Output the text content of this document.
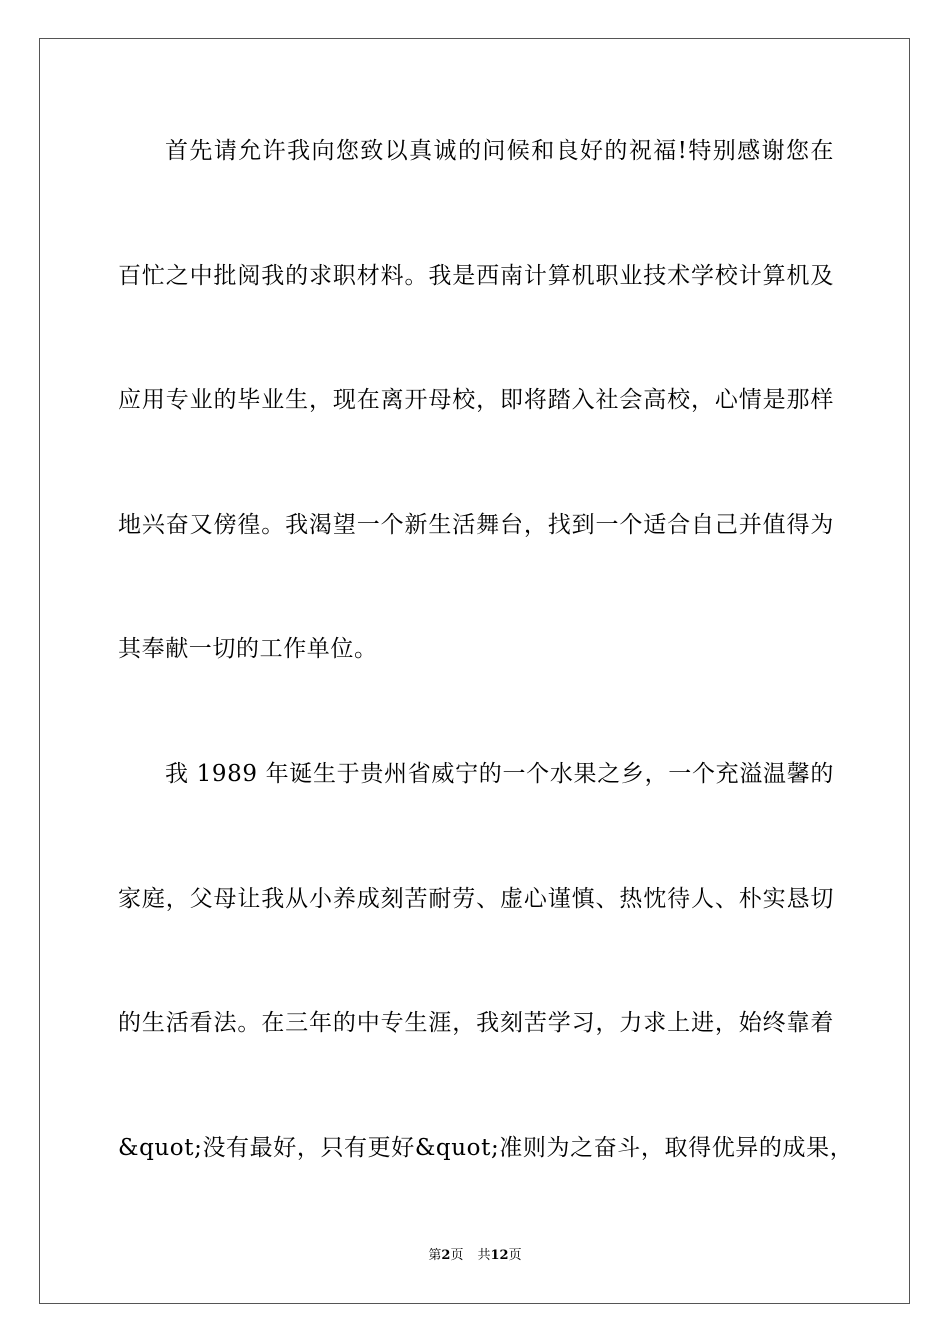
首先请允许我向您致以真诚的问候和良好的祝福!特别感谢您在
百忙之中批阅我的求职材料。我是西南计算机职业技术学校计算机及
应用专业的毕业生，现在离开母校，即将踏入社会高校，心情是那样
地兴奋又傍徨。我渴望一个新生活舞台，找到一个适合自己并值得为
其奉献一切的工作单位。
我 1989 年诞生于贵州省威宁的一个水果之乡，一个充溢温馨的
家庭，父母让我从小养成刻苦耐劳、虚心谨慎、热忱待人、朴实恳切
的生活看法。在三年的中专生涯，我刻苦学习，力求上进，始终靠着
&quot;没有最好，只有更好&quot;准则为之奋斗，取得优异的成果，
第2页 共12页
